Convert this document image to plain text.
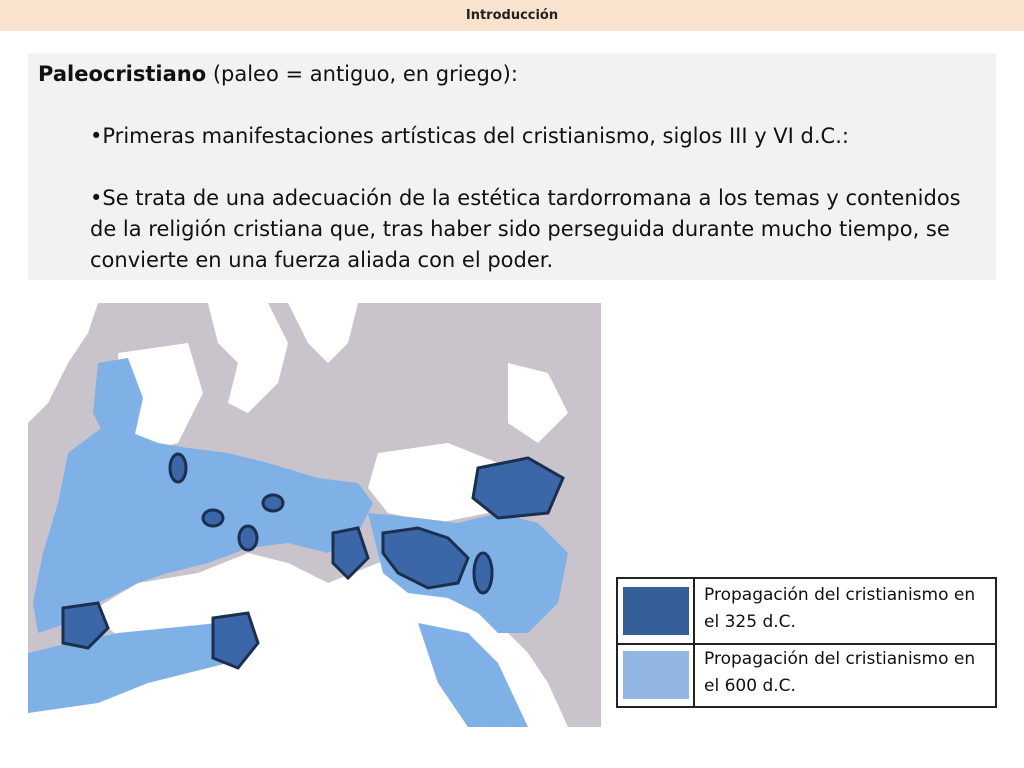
Introducción

Paleocristiano (paleo = antiguo, en griego):

•Primeras manifestaciones artísticas del cristianismo, siglos III y VI d.C.:

•Se trata de una adecuación de la estética tardorromana a los temas y contenidos de la religión cristiana que, tras haber sido perseguida durante mucho tiempo, se convierte en una fuerza aliada con el poder.

Propagación del cristianismo en el 325 d.C.
Propagación del cristianismo en el 600 d.C.
